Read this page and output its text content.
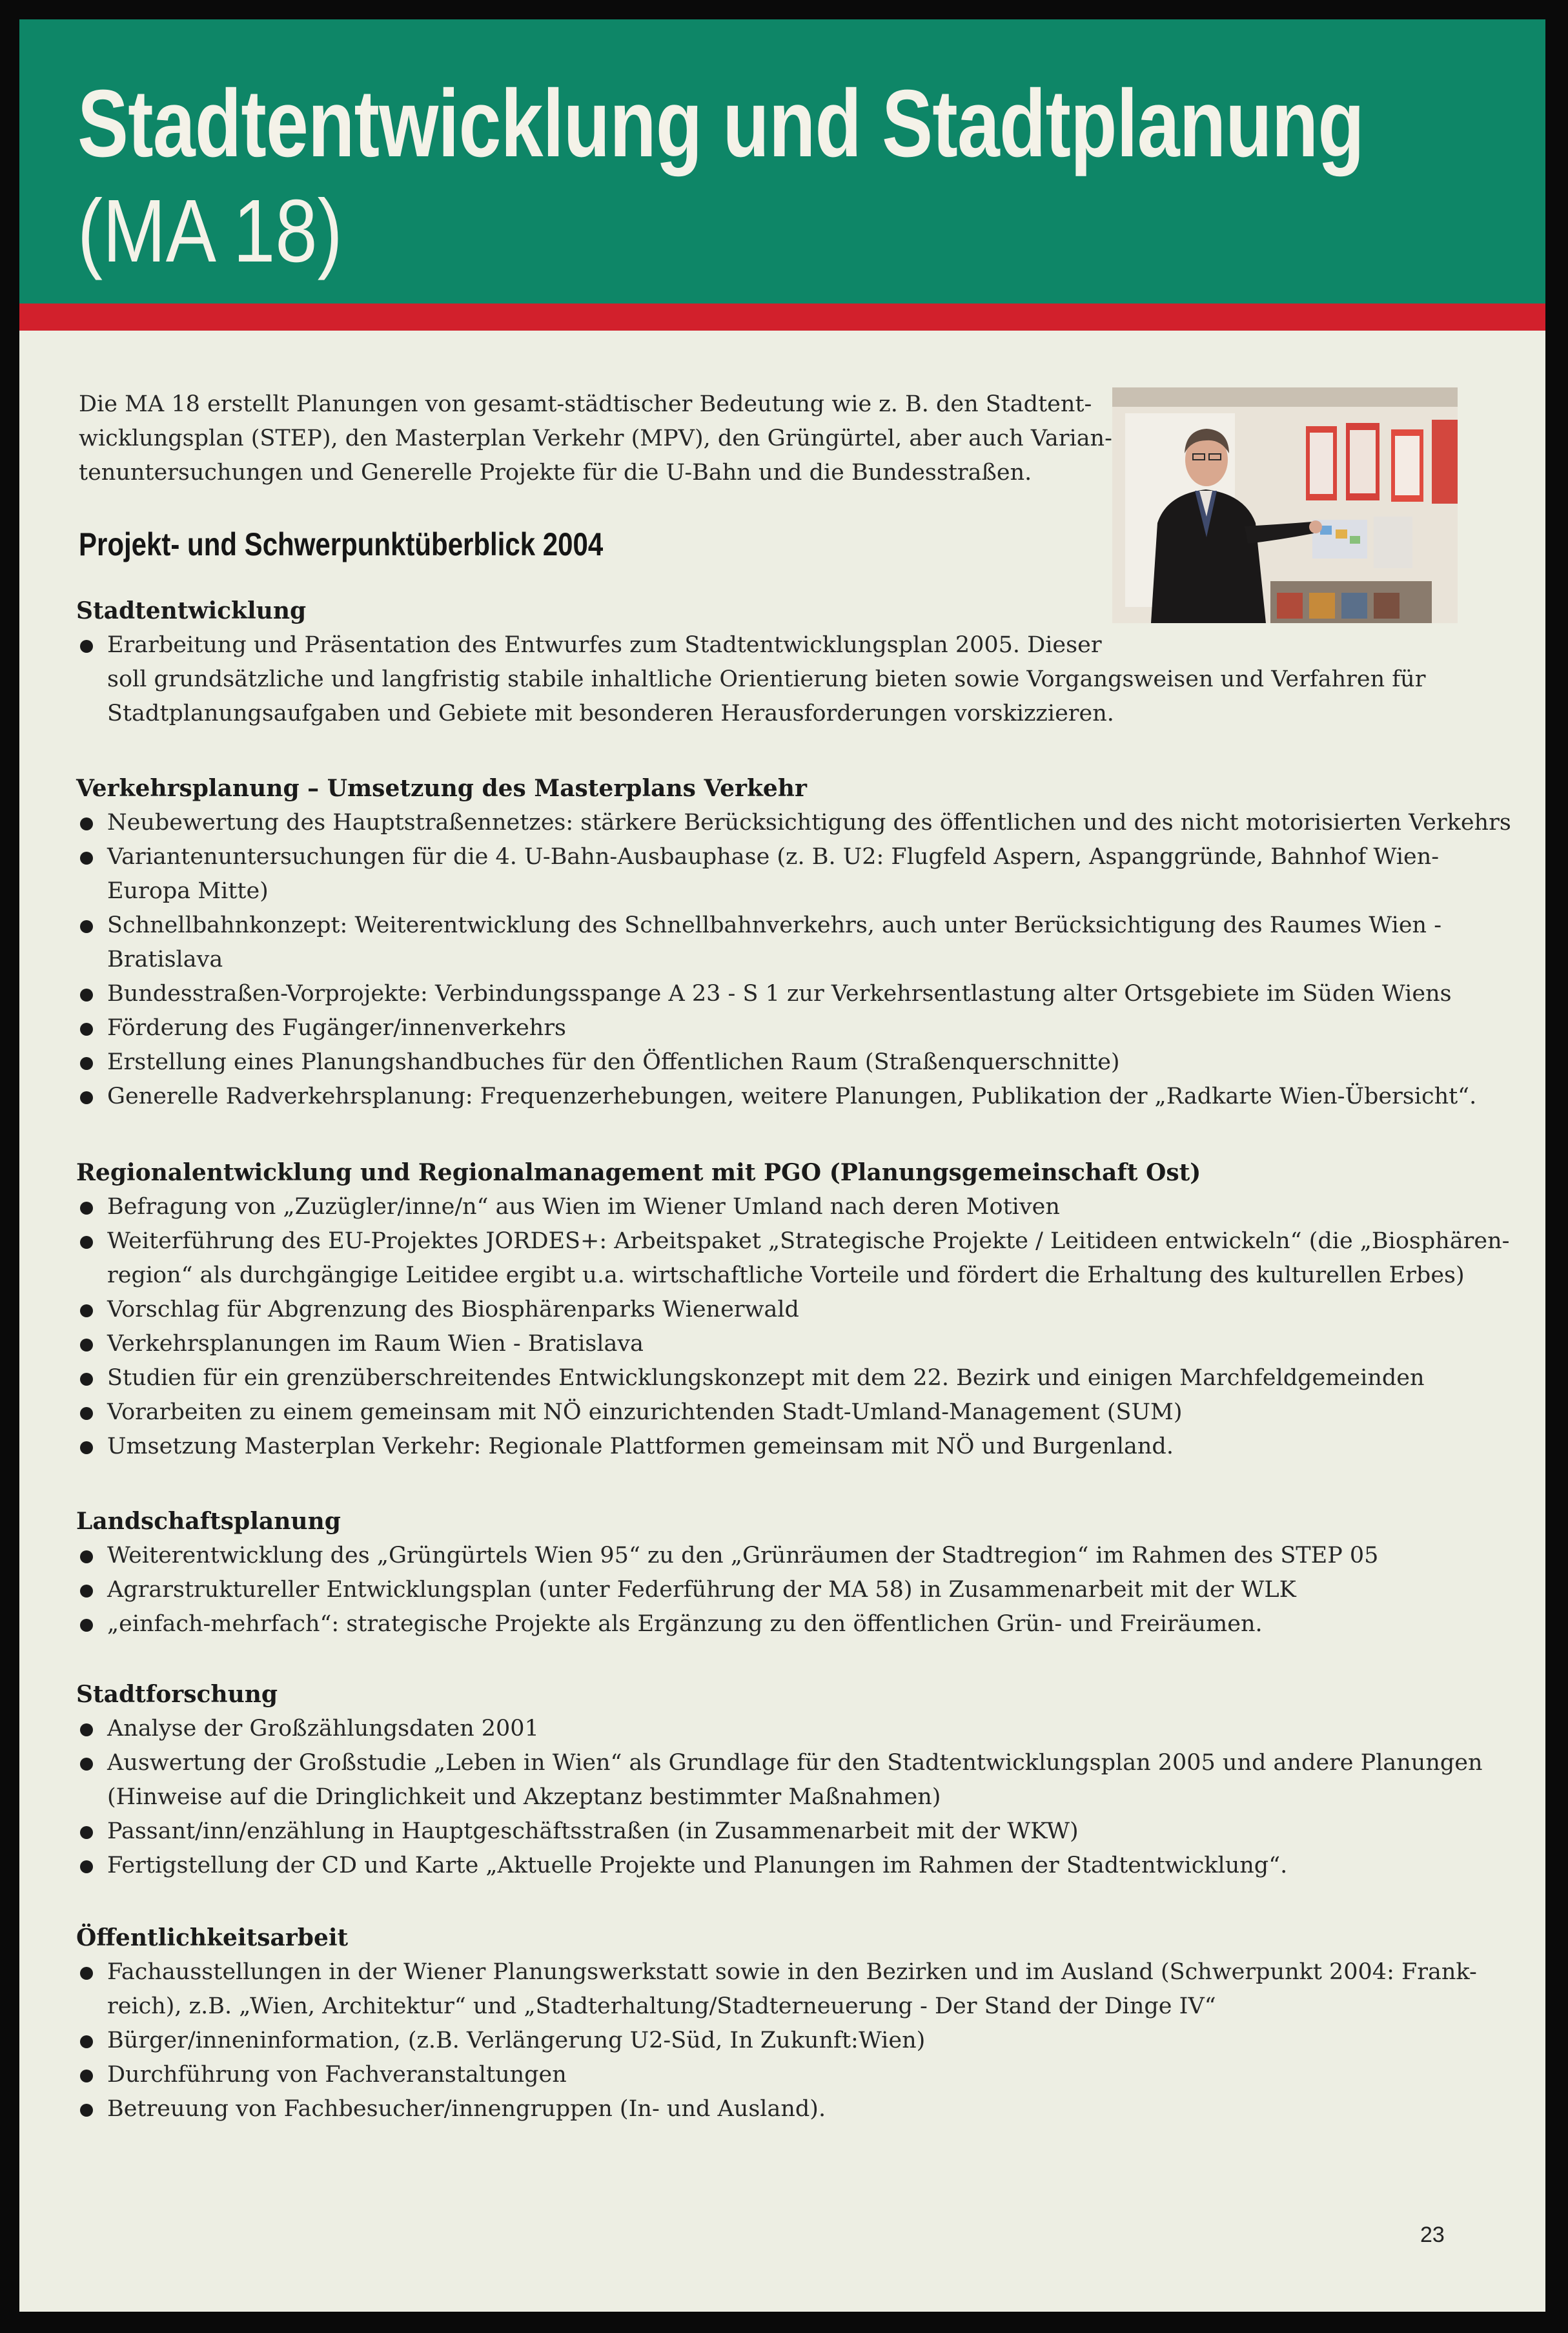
Stadtentwicklung und Stadtplanung
(MA 18)
Die MA 18 erstellt Planungen von gesamt-städtischer Bedeutung wie z. B. den Stadtent-
wicklungsplan (STEP), den Masterplan Verkehr (MPV), den Grüngürtel, aber auch Varian-
tenuntersuchungen und Generelle Projekte für die U-Bahn und die Bundesstraßen.
Projekt- und Schwerpunktüberblick 2004
Stadtentwicklung
Erarbeitung und Präsentation des Entwurfes zum Stadtentwicklungsplan 2005. Dieser
soll grundsätzliche und langfristig stabile inhaltliche Orientierung bieten sowie Vorgangsweisen und Verfahren für
Stadtplanungsaufgaben und Gebiete mit besonderen Herausforderungen vorskizzieren.
Verkehrsplanung – Umsetzung des Masterplans Verkehr
Neubewertung des Hauptstraßennetzes: stärkere Berücksichtigung des öffentlichen und des nicht motorisierten Verkehrs
Variantenuntersuchungen für die 4. U-Bahn-Ausbauphase (z. B. U2: Flugfeld Aspern, Aspanggründe, Bahnhof Wien-
Europa Mitte)
Schnellbahnkonzept: Weiterentwicklung des Schnellbahnverkehrs, auch unter Berücksichtigung des Raumes Wien -
Bratislava
Bundesstraßen-Vorprojekte: Verbindungsspange A 23 - S 1 zur Verkehrsentlastung alter Ortsgebiete im Süden Wiens
Förderung des Fugänger/innenverkehrs
Erstellung eines Planungshandbuches für den Öffentlichen Raum (Straßenquerschnitte)
Generelle Radverkehrsplanung: Frequenzerhebungen, weitere Planungen, Publikation der „Radkarte Wien-Übersicht“.
Regionalentwicklung und Regionalmanagement mit PGO (Planungsgemeinschaft Ost)
Befragung von „Zuzügler/inne/n“ aus Wien im Wiener Umland nach deren Motiven
Weiterführung des EU-Projektes JORDES+: Arbeitspaket „Strategische Projekte / Leitideen entwickeln“ (die „Biosphären-
region“ als durchgängige Leitidee ergibt u.a. wirtschaftliche Vorteile und fördert die Erhaltung des kulturellen Erbes)
Vorschlag für Abgrenzung des Biosphärenparks Wienerwald
Verkehrsplanungen im Raum Wien - Bratislava
Studien für ein grenzüberschreitendes Entwicklungskonzept mit dem 22. Bezirk und einigen Marchfeldgemeinden
Vorarbeiten zu einem gemeinsam mit NÖ einzurichtenden Stadt-Umland-Management (SUM)
Umsetzung Masterplan Verkehr: Regionale Plattformen gemeinsam mit NÖ und Burgenland.
Landschaftsplanung
Weiterentwicklung des „Grüngürtels Wien 95“ zu den „Grünräumen der Stadtregion“ im Rahmen des STEP 05
Agrarstruktureller Entwicklungsplan (unter Federführung der MA 58) in Zusammenarbeit mit der WLK
„einfach-mehrfach“: strategische Projekte als Ergänzung zu den öffentlichen Grün- und Freiräumen.
Stadtforschung
Analyse der Großzählungsdaten 2001
Auswertung der Großstudie „Leben in Wien“ als Grundlage für den Stadtentwicklungsplan 2005 und andere Planungen
(Hinweise auf die Dringlichkeit und Akzeptanz bestimmter Maßnahmen)
Passant/inn/enzählung in Hauptgeschäftsstraßen (in Zusammenarbeit mit der WKW)
Fertigstellung der CD und Karte „Aktuelle Projekte und Planungen im Rahmen der Stadtentwicklung“.
Öffentlichkeitsarbeit
Fachausstellungen in der Wiener Planungswerkstatt sowie in den Bezirken und im Ausland (Schwerpunkt 2004: Frank-
reich), z.B. „Wien, Architektur“ und „Stadterhaltung/Stadterneuerung - Der Stand der Dinge IV“
Bürger/inneninformation, (z.B. Verlängerung U2-Süd, In Zukunft:Wien)
Durchführung von Fachveranstaltungen
Betreuung von Fachbesucher/innengruppen (In- und Ausland).
23
